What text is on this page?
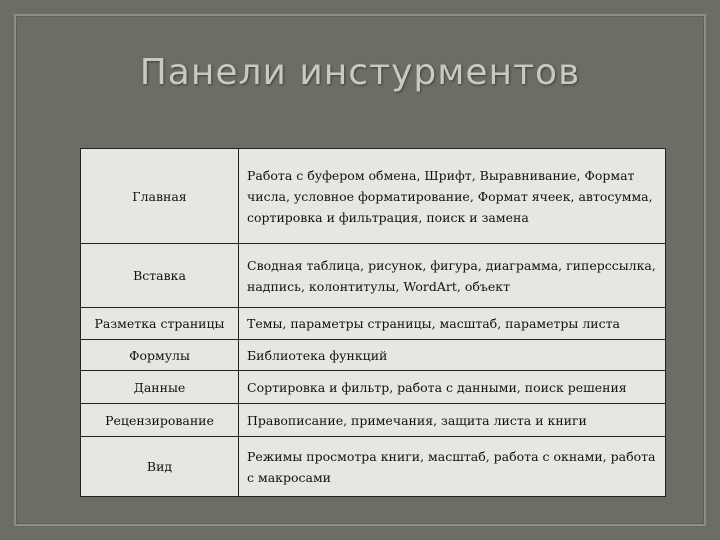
Панели инстурментов
Главная	Работа с буфером обмена, Шрифт, Выравнивание, Формат числа, условное форматирование, Формат ячеек, автосумма, сортировка и фильтрация, поиск и замена
Вставка	Сводная таблица, рисунок, фигура, диаграмма, гиперссылка, надпись, колонтитулы, WordArt, объект
Разметка страницы	Темы, параметры страницы, масштаб, параметры листа
Формулы	Библиотека функций
Данные	Сортировка и фильтр, работа с данными, поиск решения
Рецензирование	Правописание, примечания, защита листа и книги
Вид	Режимы просмотра книги, масштаб, работа с окнами, работа с макросами
